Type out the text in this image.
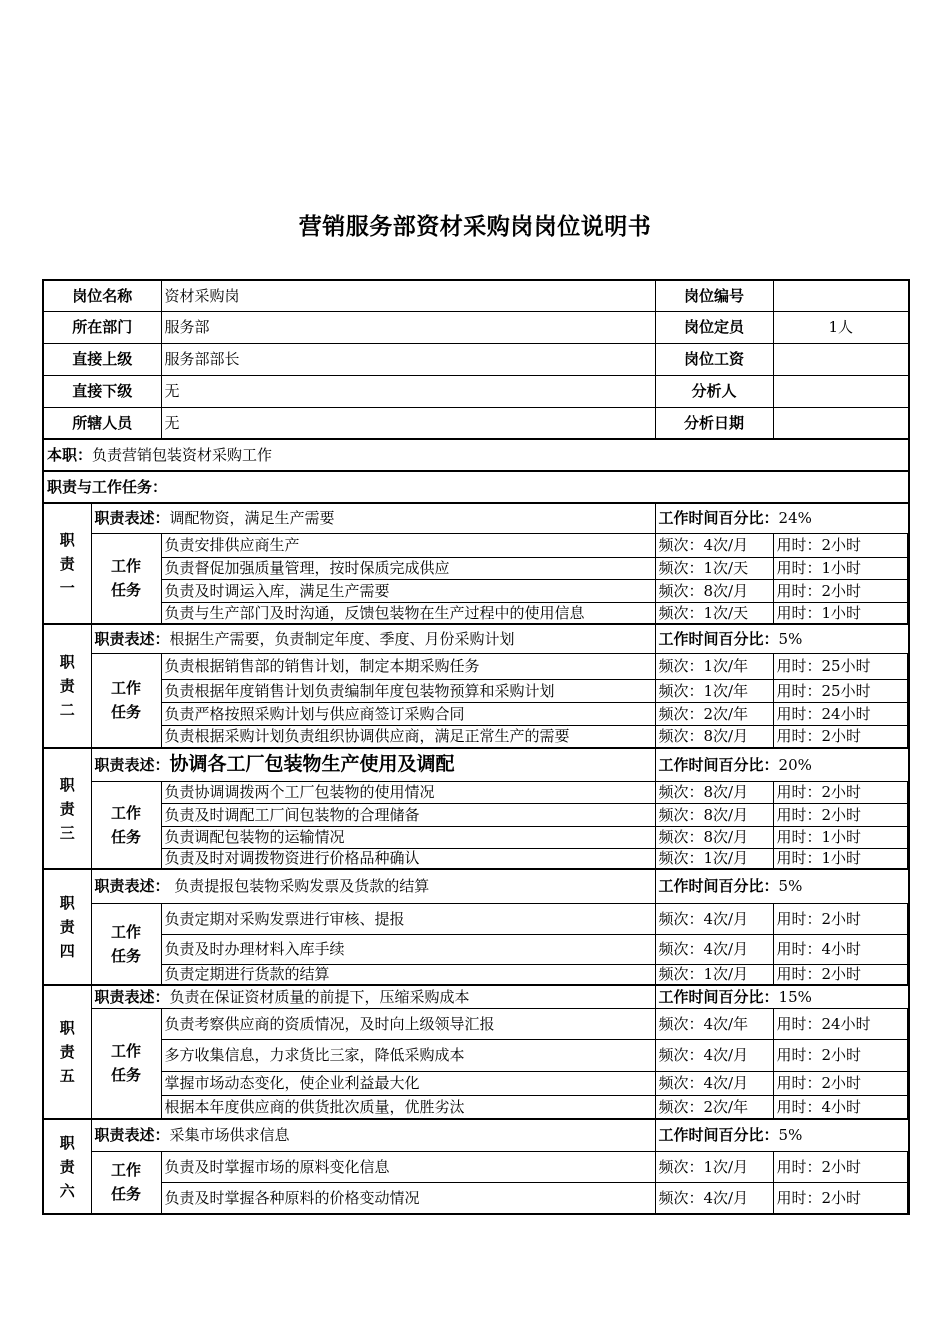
营销服务部资材采购岗岗位说明书
岗位名称		资材采购岗	岗位编号		
所在部门		服务部	岗位定员	1人	
直接上级		服务部部长	岗位工资		
直接下级		无	分析人		
所辖人员		无	分析日期		
本职：负责营销包装资材采购工作					
职责与工作任务：					
职责一	职责表述：调配物资，满足生产需要		工作时间百分比：24%		
	工作任务	负责安排供应商生产	频次：4次/月	用时：2小时	
		负责督促加强质量管理，按时保质完成供应	频次：1次/天	用时：1小时	
		负责及时调运入库，满足生产需要	频次：8次/月	用时：2小时	
		负责与生产部门及时沟通，反馈包装物在生产过程中的使用信息	频次：1次/天	用时：1小时	
职责二	职责表述：根据生产需要，负责制定年度、季度、月份采购计划		工作时间百分比：5%		
	工作任务	负责根据销售部的销售计划，制定本期采购任务	频次：1次/年	用时：25小时	
		负责根据年度销售计划负责编制年度包装物预算和采购计划	频次：1次/年	用时：25小时	
		负责严格按照采购计划与供应商签订采购合同	频次：2次/年	用时：24小时	
		负责根据采购计划负责组织协调供应商，满足正常生产的需要	频次：8次/月	用时：2小时	
职责三	职责表述：协调各工厂包装物生产使用及调配		工作时间百分比：20%		
	工作任务	负责协调调拨两个工厂包装物的使用情况	频次：8次/月	用时：2小时	
		负责及时调配工厂间包装物的合理储备	频次：8次/月	用时：2小时	
		负责调配包装物的运输情况	频次：8次/月	用时：1小时	
		负责及时对调拨物资进行价格品种确认	频次：1次/月	用时：1小时	
职责四	职责表述： 负责提报包装物采购发票及货款的结算		工作时间百分比：5%		
	工作任务	负责定期对采购发票进行审核、提报	频次：4次/月	用时：2小时	
		负责及时办理材料入库手续	频次：4次/月	用时：4小时	
		负责定期进行货款的结算	频次：1次/月	用时：2小时	
职责五	职责表述：负责在保证资材质量的前提下，压缩采购成本		工作时间百分比：15%		
	工作任务	负责考察供应商的资质情况，及时向上级领导汇报	频次：4次/年	用时：24小时	
		多方收集信息，力求货比三家，降低采购成本	频次：4次/月	用时：2小时	
		掌握市场动态变化，使企业利益最大化	频次：4次/月	用时：2小时	
		根据本年度供应商的供货批次质量，优胜劣汰	频次：2次/年	用时：4小时	
职责六	职责表述：采集市场供求信息		工作时间百分比：5%		
	工作任务	负责及时掌握市场的原料变化信息	频次：1次/月	用时：2小时	
		负责及时掌握各种原料的价格变动情况	频次：4次/月	用时：2小时	
